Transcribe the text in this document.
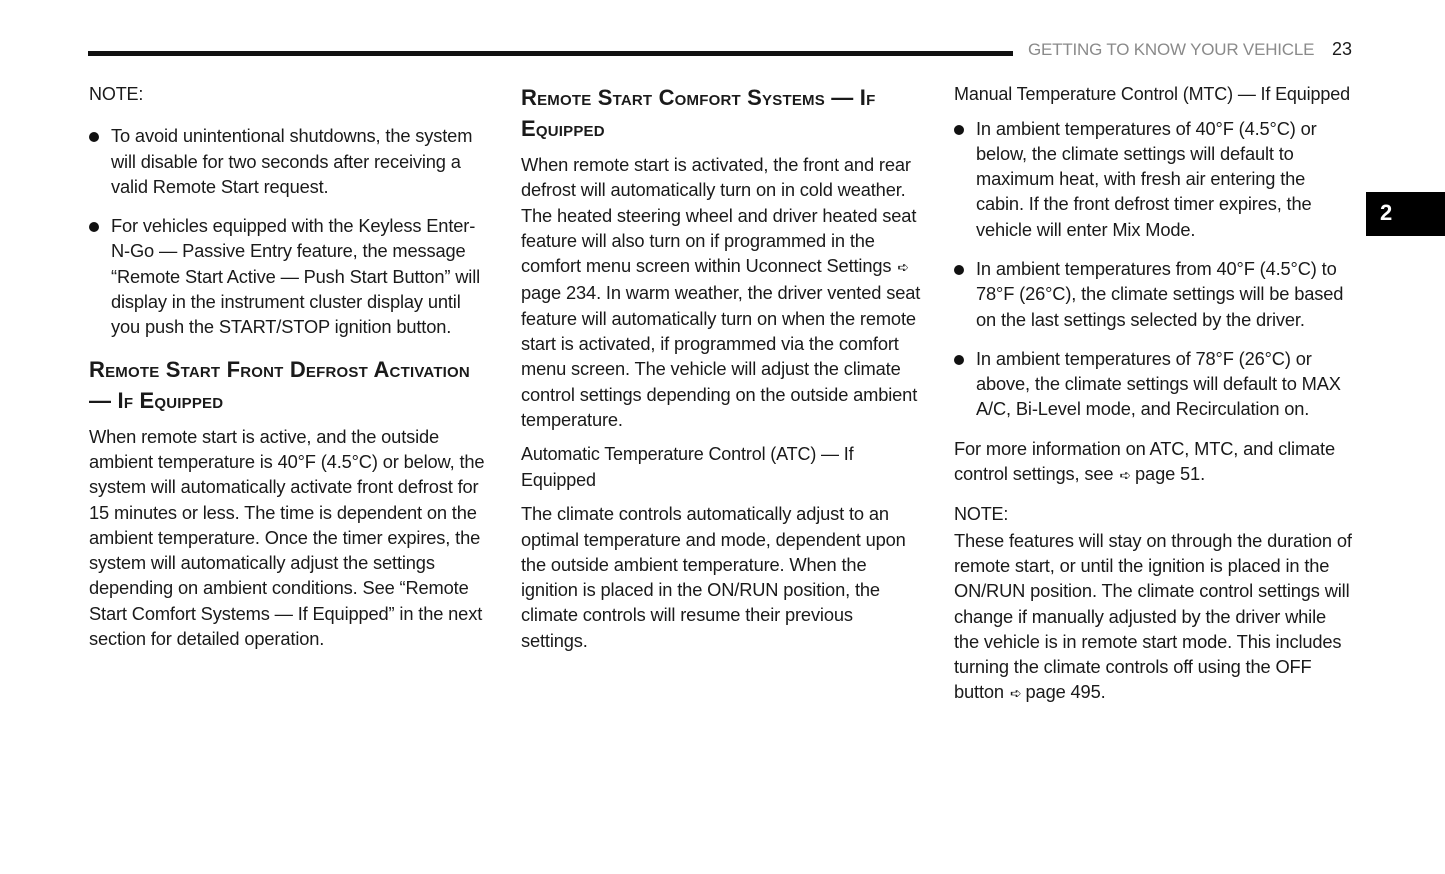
GETTING TO KNOW YOUR VEHICLE 23
2
NOTE:
To avoid unintentional shutdowns, the system will disable for two seconds after receiving a valid Remote Start request.
For vehicles equipped with the Keyless Enter-N-Go — Passive Entry feature, the message “Remote Start Active — Push Start Button” will display in the instrument cluster display until you push the START/STOP ignition button.
Remote Start Front Defrost Activation — If Equipped

When remote start is active, and the outside ambient temperature is 40°F (4.5°C) or below, the system will automatically activate front defrost for 15 minutes or less. The time is dependent on the ambient temperature. Once the timer expires, the system will automatically adjust the settings depending on ambient conditions. See “Remote Start Comfort Systems — If Equipped” in the next section for detailed operation.

Remote Start Comfort Systems — If Equipped

When remote start is activated, the front and rear defrost will automatically turn on in cold weather. The heated steering wheel and driver heated seat feature will also turn on if programmed in the comfort menu screen within Uconnect Settings ➪page 234. In warm weather, the driver vented seat feature will automatically turn on when the remote start is activated, if programmed via the comfort menu screen. The vehicle will adjust the climate control settings depending on the outside ambient temperature.

Automatic Temperature Control (ATC) — If Equipped

The climate controls automatically adjust to an optimal temperature and mode, dependent upon the outside ambient temperature. When the ignition is placed in the ON/RUN position, the climate controls will resume their previous settings.

Manual Temperature Control (MTC) — If Equipped
In ambient temperatures of 40°F (4.5°C) or below, the climate settings will default to maximum heat, with fresh air entering the cabin. If the front defrost timer expires, the vehicle will enter Mix Mode.
In ambient temperatures from 40°F (4.5°C) to 78°F (26°C), the climate settings will be based on the last settings selected by the driver.
In ambient temperatures of 78°F (26°C) or above, the climate settings will default to MAX A/C, Bi-Level mode, and Recirculation on.

For more information on ATC, MTC, and climate control settings, see ➪ page 51.

NOTE:

These features will stay on through the duration of remote start, or until the ignition is placed in the ON/RUN position. The climate control settings will change if manually adjusted by the driver while the vehicle is in remote start mode. This includes turning the climate controls off using the OFF button ➪ page 495.
